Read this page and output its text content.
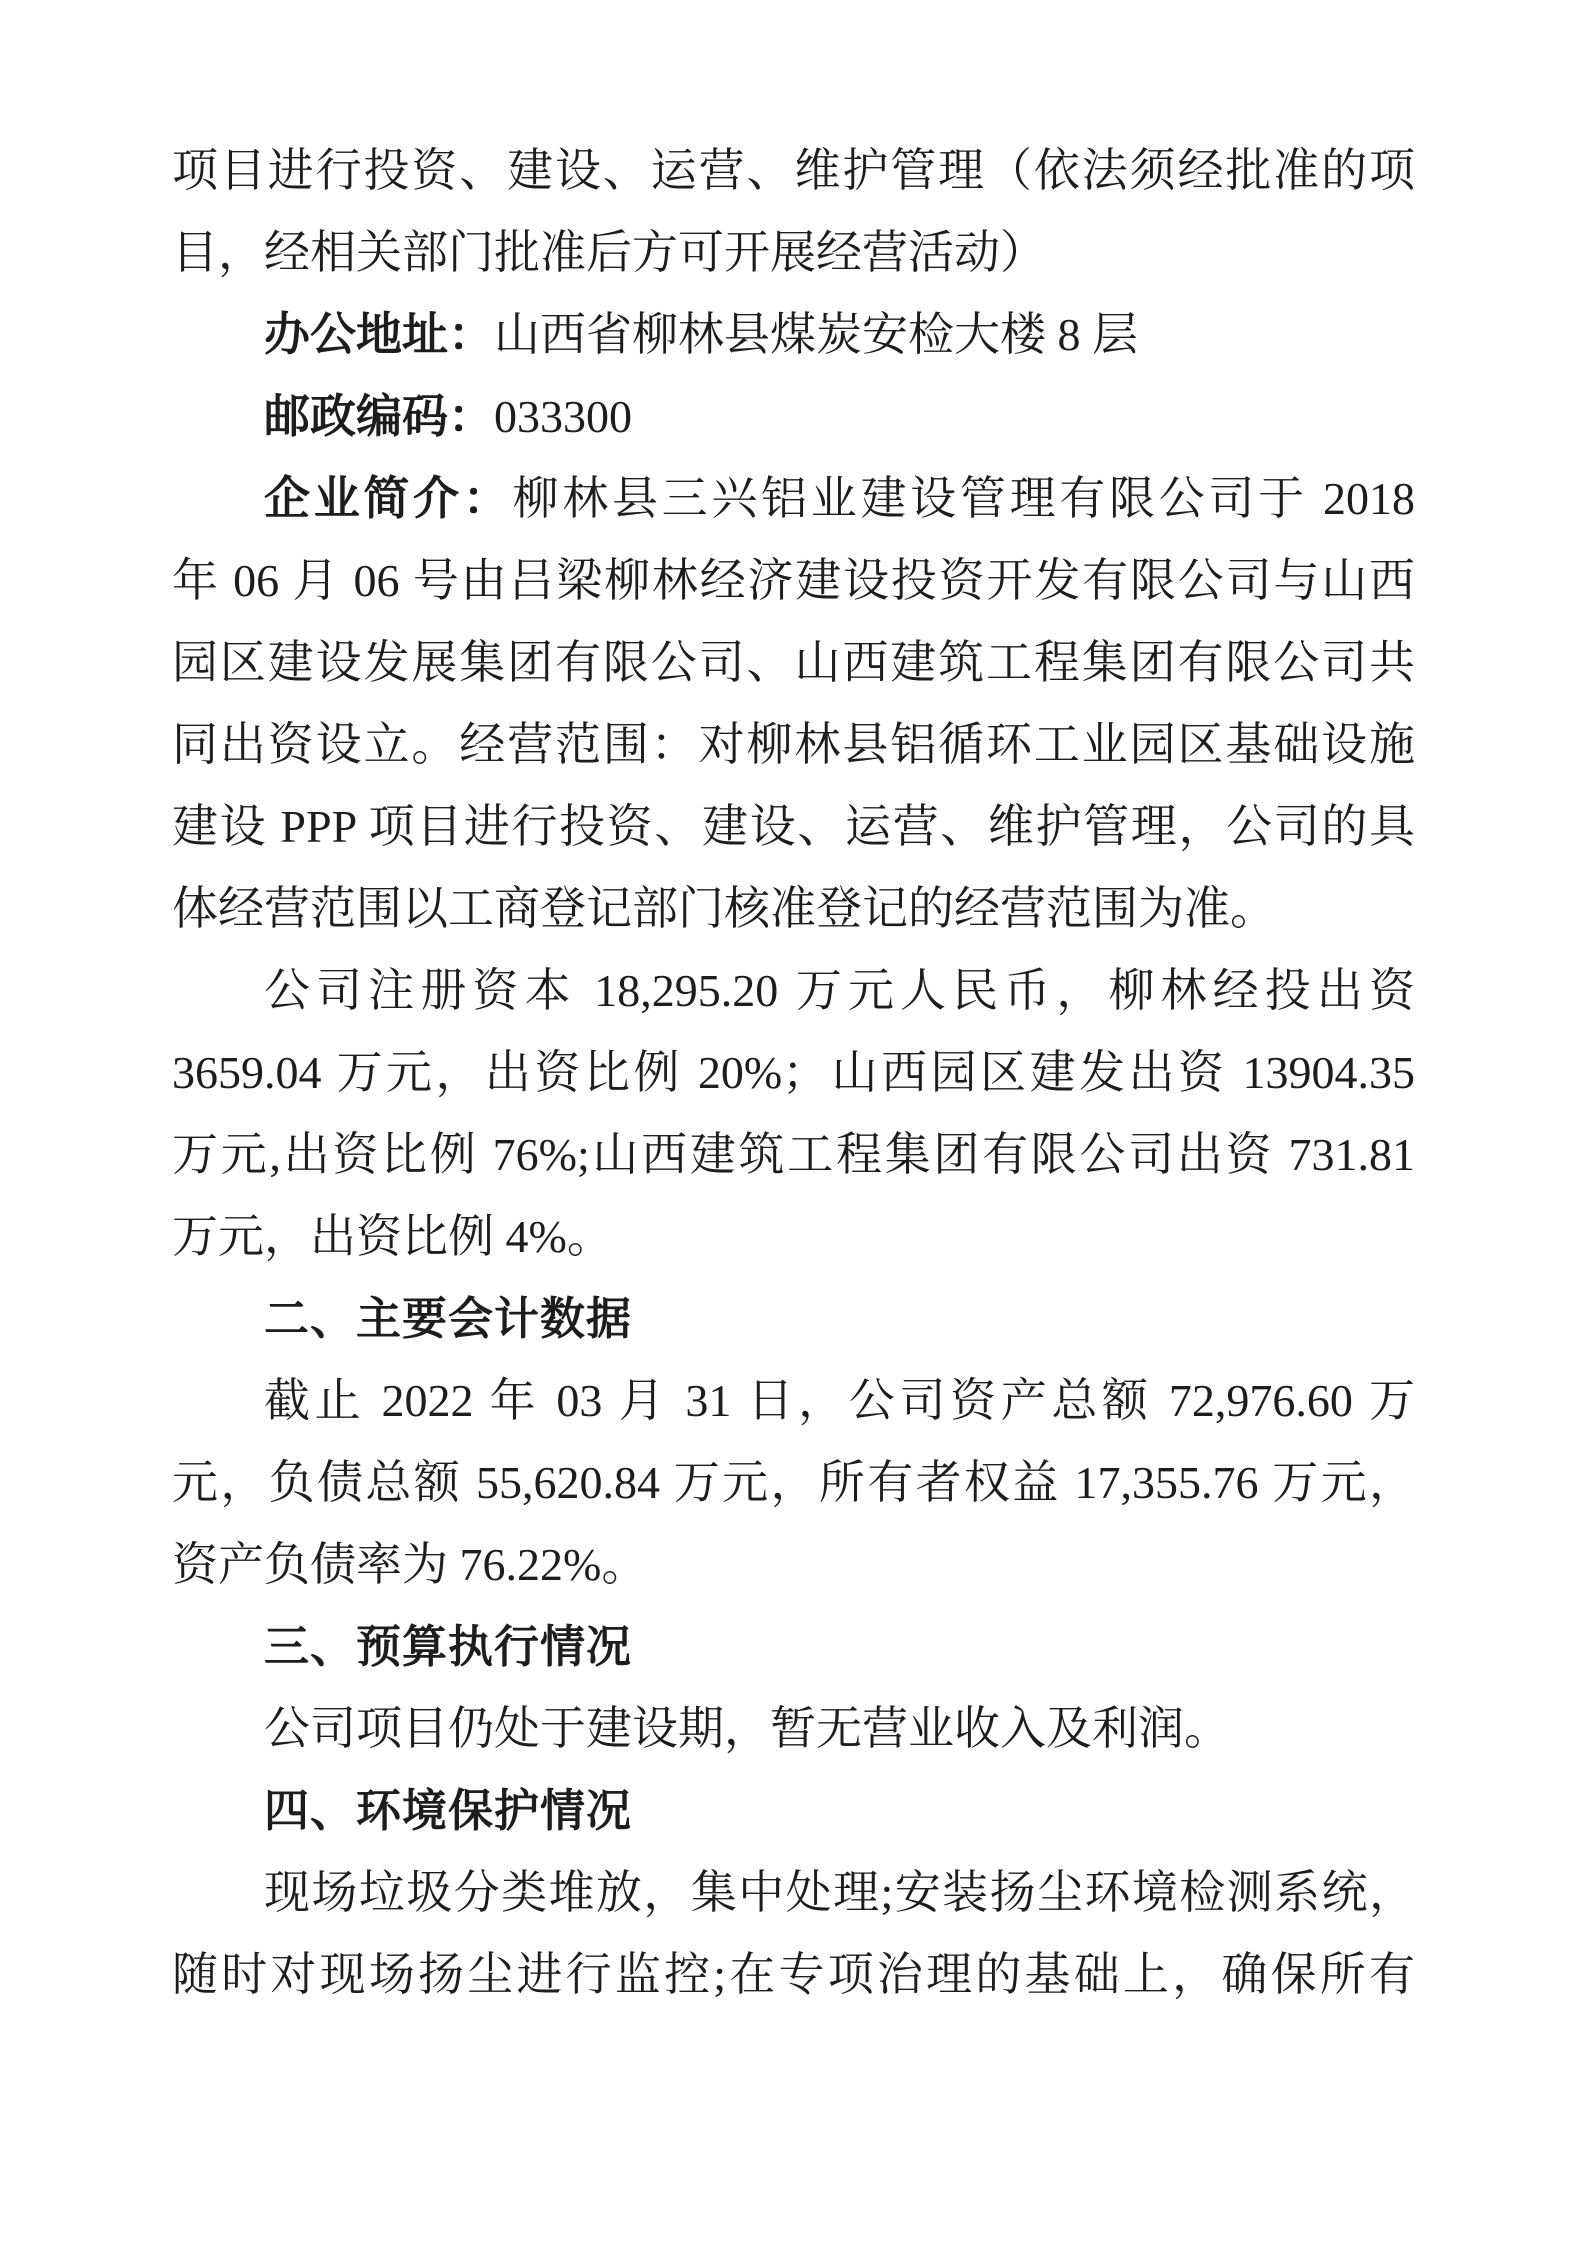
项目进行投资、建设、运营、维护管理（依法须经批准的项
目，经相关部门批准后方可开展经营活动）
办公地址：山西省柳林县煤炭安检大楼 8 层
邮政编码：033300
企业简介：柳林县三兴铝业建设管理有限公司于 2018
年 06 月 06 号由吕梁柳林经济建设投资开发有限公司与山西
园区建设发展集团有限公司、山西建筑工程集团有限公司共
同出资设立。经营范围：对柳林县铝循环工业园区基础设施
建设 PPP 项目进行投资、建设、运营、维护管理，公司的具
体经营范围以工商登记部门核准登记的经营范围为准。
公司注册资本 18,295.20 万元人民币，柳林经投出资
3659.04 万元，出资比例 20%；山西园区建发出资 13904.35
万元,出资比例 76%;山西建筑工程集团有限公司出资 731.81
万元，出资比例 4%。
二、主要会计数据
截止 2022 年 03 月 31 日，公司资产总额 72,976.60 万
元，负债总额 55,620.84 万元，所有者权益 17,355.76 万元，
资产负债率为 76.22%。
三、预算执行情况
公司项目仍处于建设期，暂无营业收入及利润。
四、环境保护情况
现场垃圾分类堆放，集中处理;安装扬尘环境检测系统，
随时对现场扬尘进行监控;在专项治理的基础上，确保所有
